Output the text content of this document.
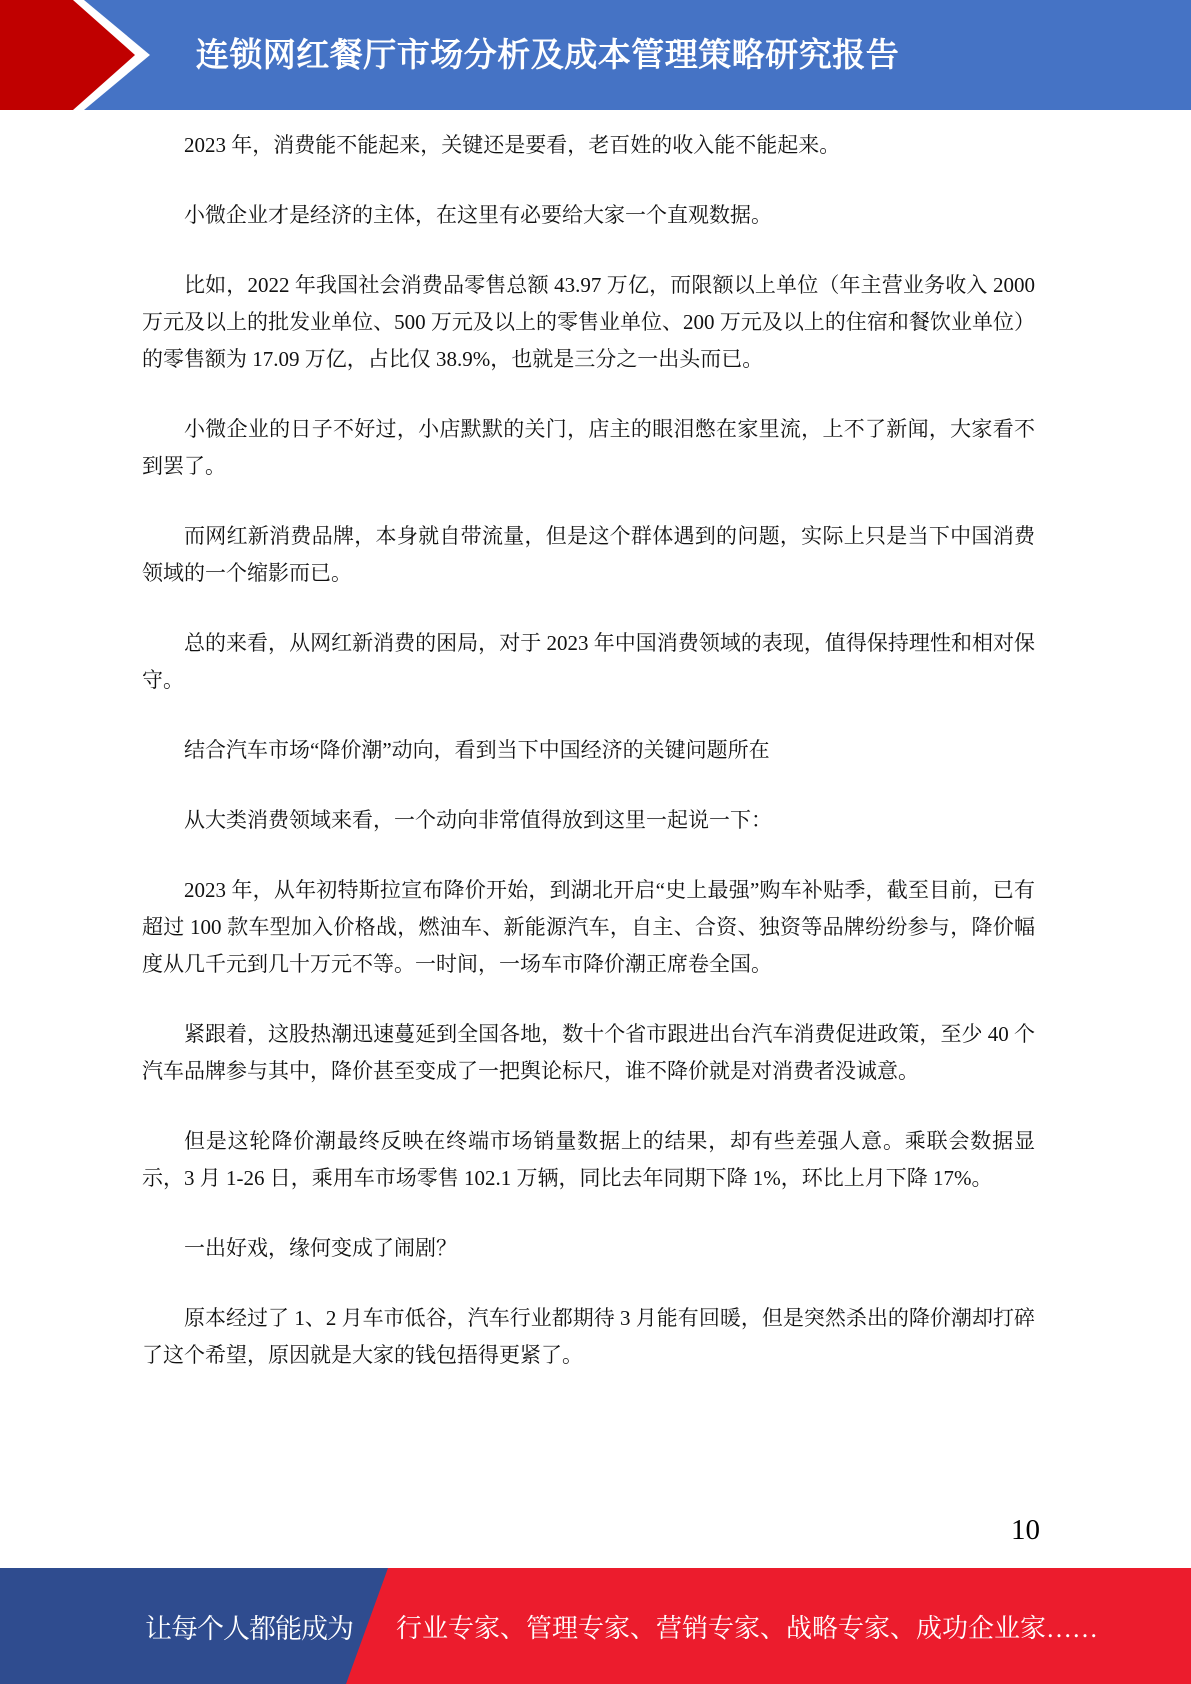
连锁网红餐厅市场分析及成本管理策略研究报告

2023 年，消费能不能起来，关键还是要看，老百姓的收入能不能起来。

小微企业才是经济的主体，在这里有必要给大家一个直观数据。

比如，2022 年我国社会消费品零售总额 43.97 万亿，而限额以上单位（年主营业务收入 2000 万元及以上的批发业单位、500 万元及以上的零售业单位、200 万元及以上的住宿和餐饮业单位）的零售额为 17.09 万亿，占比仅 38.9%，也就是三分之一出头而已。

小微企业的日子不好过，小店默默的关门，店主的眼泪憋在家里流，上不了新闻，大家看不到罢了。

而网红新消费品牌，本身就自带流量，但是这个群体遇到的问题，实际上只是当下中国消费领域的一个缩影而已。

总的来看，从网红新消费的困局，对于 2023 年中国消费领域的表现，值得保持理性和相对保守。

结合汽车市场“降价潮”动向，看到当下中国经济的关键问题所在

从大类消费领域来看，一个动向非常值得放到这里一起说一下：

2023 年，从年初特斯拉宣布降价开始，到湖北开启“史上最强”购车补贴季，截至目前，已有超过 100 款车型加入价格战，燃油车、新能源汽车，自主、合资、独资等品牌纷纷参与，降价幅度从几千元到几十万元不等。一时间，一场车市降价潮正席卷全国。

紧跟着，这股热潮迅速蔓延到全国各地，数十个省市跟进出台汽车消费促进政策，至少 40 个汽车品牌参与其中，降价甚至变成了一把舆论标尺，谁不降价就是对消费者没诚意。

但是这轮降价潮最终反映在终端市场销量数据上的结果，却有些差强人意。乘联会数据显示，3 月 1-26 日，乘用车市场零售 102.1 万辆，同比去年同期下降 1%，环比上月下降 17%。

一出好戏，缘何变成了闹剧？

原本经过了 1、2 月车市低谷，汽车行业都期待 3 月能有回暖，但是突然杀出的降价潮却打碎了这个希望，原因就是大家的钱包捂得更紧了。

10
让每个人都能成为 行业专家、管理专家、营销专家、战略专家、成功企业家……
